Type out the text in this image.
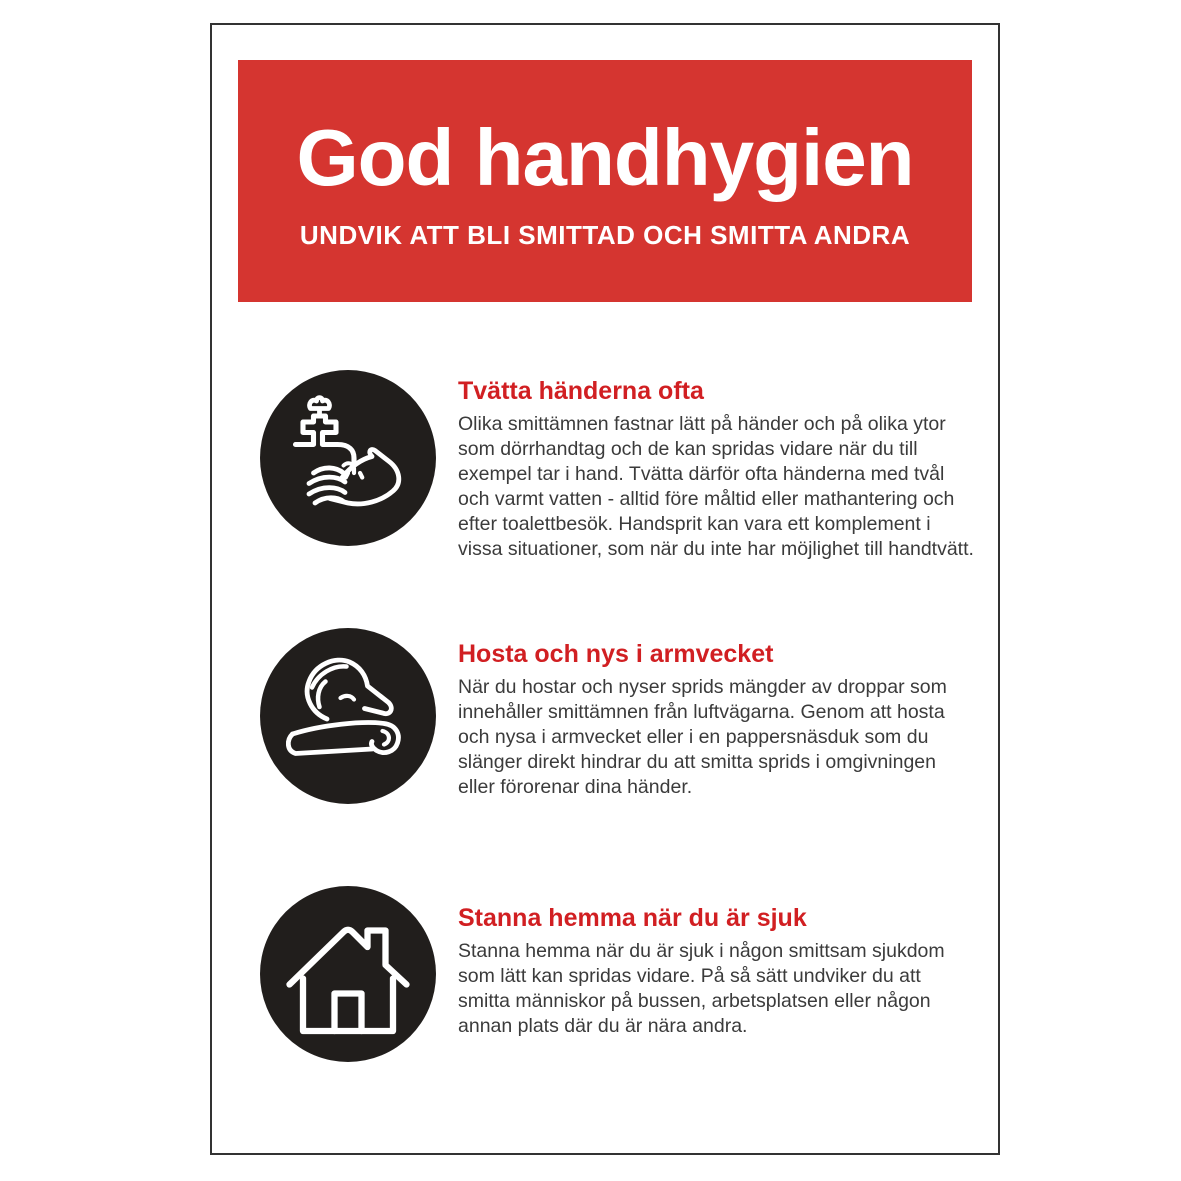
God handhygien
UNDVIK ATT BLI SMITTAD OCH SMITTA ANDRA
Tvätta händerna ofta

Olika smittämnen fastnar lätt på händer och på olika ytor som dörrhandtag och de kan spridas vidare när du till exempel tar i hand. Tvätta därför ofta händerna med tvål och varmt vatten - alltid före måltid eller mathantering och efter toalettbesök. Handsprit kan vara ett komplement i vissa situationer, som när du inte har möjlighet till handtvätt.

Hosta och nys i armvecket

När du hostar och nyser sprids mängder av droppar som innehåller smittämnen från luftvägarna. Genom att hosta och nysa i armvecket eller i en pappersnäsduk som du slänger direkt hindrar du att smitta sprids i omgivningen eller förorenar dina händer.

Stanna hemma när du är sjuk

Stanna hemma när du är sjuk i någon smittsam sjukdom som lätt kan spridas vidare. På så sätt undviker du att smitta människor på bussen, arbetsplatsen eller någon annan plats där du är nära andra.
